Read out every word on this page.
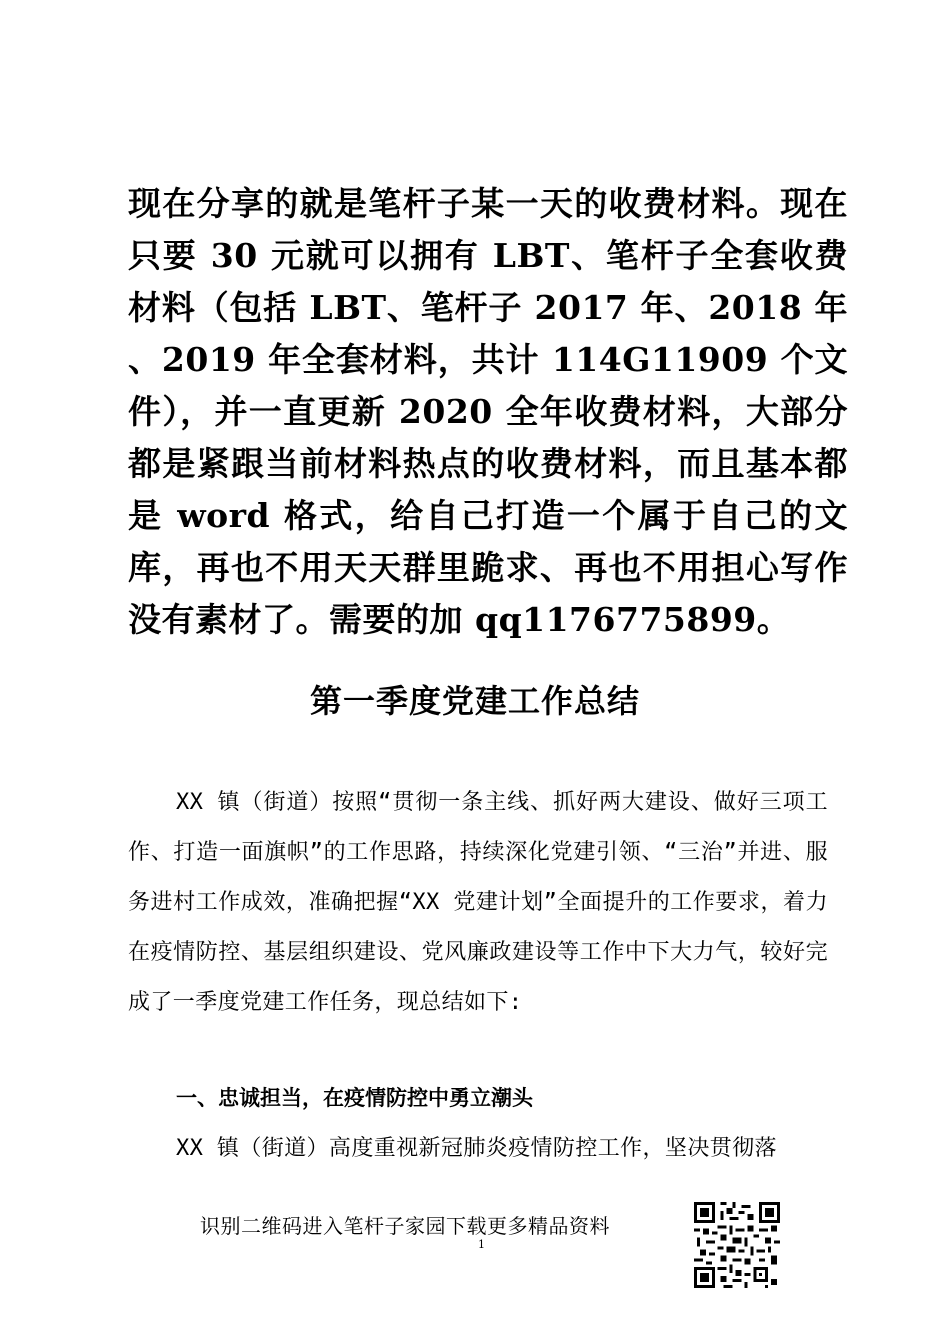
现在分享的就是笔杆子某一天的收费材料。现在只要 30 元就可以拥有 LBT、笔杆子全套收费材料（包括 LBT、笔杆子 2017 年、2018 年 、2019 年全套材料，共计 114G11909 个文件），并一直更新 2020 全年收费材料，大部分都是紧跟当前材料热点的收费材料，而且基本都是 word 格式，给自己打造一个属于自己的文库，再也不用天天群里跪求、再也不用担心写作没有素材了。需要的加 qq1176775899。
第一季度党建工作总结
XX 镇（街道）按照“贯彻一条主线、抓好两大建设、做好三项工作、打造一面旗帜”的工作思路，持续深化党建引领、“三治”并进、服务进村工作成效，准确把握“XX 党建计划”全面提升的工作要求，着力在疫情防控、基层组织建设、党风廉政建设等工作中下大力气，较好完成了一季度党建工作任务，现总结如下:
一、忠诚担当，在疫情防控中勇立潮头
XX 镇（街道）高度重视新冠肺炎疫情防控工作，坚决贯彻落
识别二维码进入笔杆子家园下载更多精品资料
1
